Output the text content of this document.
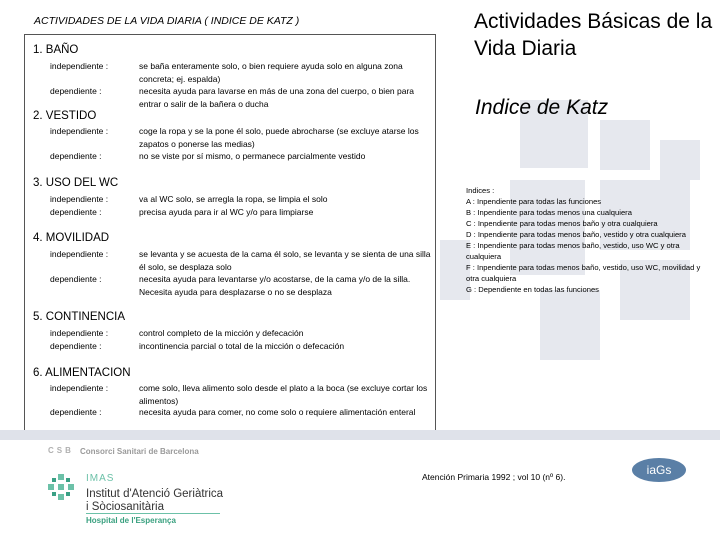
ACTIVIDADES DE LA VIDA DIARIA ( INDICE DE KATZ )
1. BAÑO
independiente :	se baña enteramente solo, o bien requiere ayuda solo en alguna zona concreta; ej. espalda)
dependiente :	necesita ayuda para lavarse en más de una zona del cuerpo, o bien para entrar o salir de la bañera o ducha
2. VESTIDO
independiente :	coge la ropa y se la pone él solo, puede abrocharse (se excluye atarse los zapatos o ponerse las medias)
dependiente :	no se viste por sí mismo, o permanece parcialmente vestido
3. USO DEL WC
independiente :	va al WC solo, se arregla la ropa, se limpia el solo
dependiente :	precisa ayuda para ir al WC y/o para limpiarse
4. MOVILIDAD
independiente :	se levanta y se acuesta de la cama él solo, se levanta y se sienta de una silla él solo, se desplaza solo
dependiente :	necesita ayuda para levantarse y/o acostarse, de la cama y/o de la silla. Necesita ayuda para desplazarse o no se desplaza
5. CONTINENCIA
independiente :	control completo de la micción y defecación
dependiente :	incontinencia parcial o total de la micción o defecación
6. ALIMENTACION
independiente :	come solo, lleva alimento solo desde el plato a la boca (se excluye cortar los alimentos)
dependiente :	necesita ayuda para comer, no come solo o requiere alimentación enteral
Actividades Básicas de la Vida Diaria
Indice de Katz
Indices :
A : Inpendiente para todas las funciones
B : Inpendiente para todas menos una cualquiera
C : Inpendiente para todas menos baño y otra cualquiera
D : Inpendiente para todas menos baño, vestido y otra cualquiera
E : Inpendiente para todas menos baño, vestido, uso WC y otra cualquiera
F : Inpendiente para todas menos baño, vestido, uso WC, movilidad y otra cualquiera
G : Dependiente en todas las funciones
CSB Consorci Sanitari de Barcelona
IMAS
Institut d'Atenció Geriàtrica
i Sòciosanitària
Hospital de l'Esperança
Atención Primaria 1992 ; vol 10 (nº 6).	iaGs
